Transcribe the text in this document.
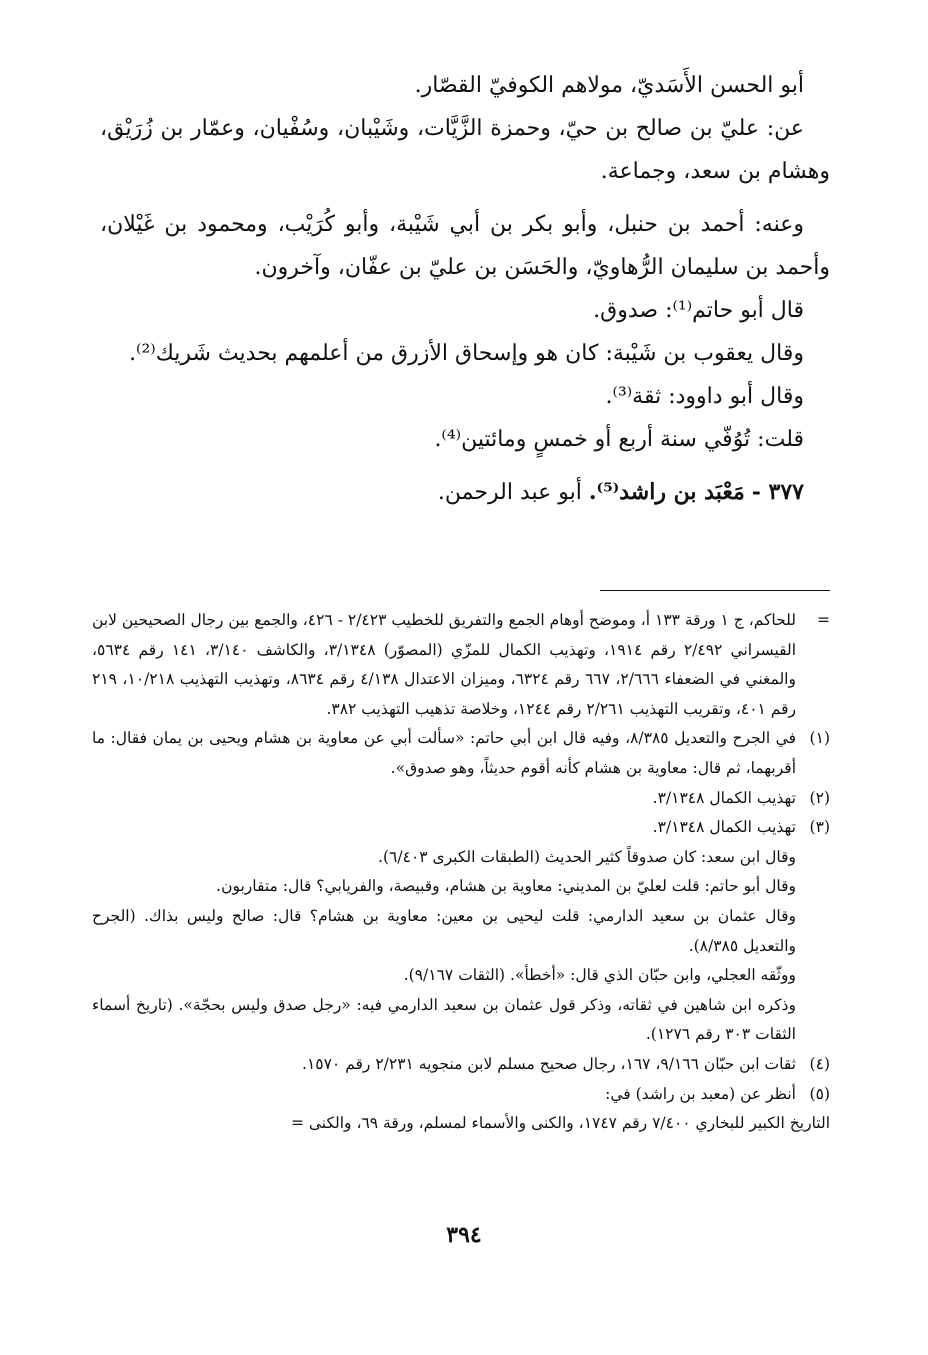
أبو الحسن الأَسَديّ، مولاهم الكوفيّ القصّار.

عن: عليّ بن صالح بن حيّ، وحمزة الزَّيَّات، وشَيْبان، وسُفْيان، وعمّار بن زُرَيْق، وهشام بن سعد، وجماعة.

وعنه: أحمد بن حنبل، وأبو بكر بن أبي شَيْبة، وأبو كُرَيْب، ومحمود بن غَيْلان، وأحمد بن سليمان الرُّهاويّ، والحَسَن بن عليّ بن عفّان، وآخرون.

قال أبو حاتم⁽¹⁾: صدوق.

وقال يعقوب بن شَيْبة: كان هو وإسحاق الأزرق من أعلمهم بحديث شَريك⁽²⁾.

وقال أبو داوود: ثقة⁽³⁾.

قلت: تُوُفّي سنة أربع أو خمسٍ ومائتين⁽⁴⁾.

٣٧٧ - مَعْبَد بن راشد⁽⁵⁾. أبو عبد الرحمن.

=

للحاكم، ج ١ ورقة ١٣٣ أ، وموضح أوهام الجمع والتفريق للخطيب ٢/٤٢٣ - ٤٢٦، والجمع بين رجال الصحيحين لابن القيسراني ٢/٤٩٢ رقم ١٩١٤، وتهذيب الكمال للمزّي (المصوّر) ٣/١٣٤٨، والكاشف ٣/١٤٠، ١٤١ رقم ٥٦٣٤، والمغني في الضعفاء ٢/٦٦٦، ٦٦٧ رقم ٦٣٢٤، وميزان الاعتدال ٤/١٣٨ رقم ٨٦٣٤، وتهذيب التهذيب ١٠/٢١٨، ٢١٩ رقم ٤٠١، وتقريب التهذيب ٢/٢٦١ رقم ١٢٤٤، وخلاصة تذهيب التهذيب ٣٨٢.

(١)

في الجرح والتعديل ٨/٣٨٥، وفيه قال ابن أبي حاتم: «سألت أبي عن معاوية بن هشام ويحيى بن يمان فقال: ما أقربهما، ثم قال: معاوية بن هشام كأنه أقوم حديثاً، وهو صدوق».

(٢)

تهذيب الكمال ٣/١٣٤٨.

(٣)

تهذيب الكمال ٣/١٣٤٨.

وقال ابن سعد: كان صدوقاً كثير الحديث (الطبقات الكبرى ٦/٤٠٣).

وقال أبو حاتم: قلت لعليّ بن المديني: معاوية بن هشام، وقبيصة، والفريابي؟ قال: متقاربون.

وقال عثمان بن سعيد الدارمي: قلت ليحيى بن معين: معاوية بن هشام؟ قال: صالح وليس بذاك. (الجرح والتعديل ٨/٣٨٥).

ووثّقه العجلي، وابن حبّان الذي قال: «أخطأ». (الثقات ٩/١٦٧).

وذكره ابن شاهين في ثقاته، وذكر قول عثمان بن سعيد الدارمي فيه: «رجل صدق وليس بحجّة». (تاريخ أسماء الثقات ٣٠٣ رقم ١٢٧٦).

(٤)

ثقات ابن حبّان ٩/١٦٦، ١٦٧، رجال صحيح مسلم لابن منجويه ٢/٢٣١ رقم ١٥٧٠.

(٥)

أنظر عن (معبد بن راشد) في:

التاريخ الكبير للبخاري ٧/٤٠٠ رقم ١٧٤٧، والكنى والأسماء لمسلم، ورقة ٦٩، والكنى =

٣٩٤
